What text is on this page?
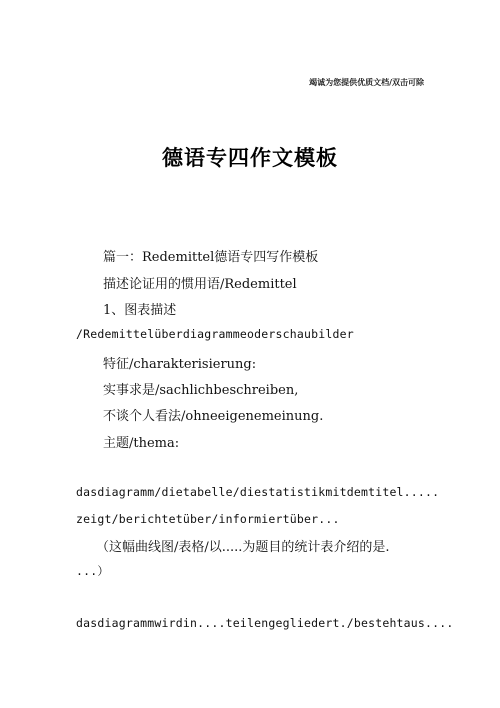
竭诚为您提供优质文档/双击可除
德语专四作文模板
篇一：Redemittel德语专四写作模板
描述论证用的惯用语/Redemittel
1、图表描述
/Redemittelüberdiagrammeoderschaubilder
特征/charakterisierung:
实事求是/sachlichbeschreiben,
不谈个人看法/ohneeigenemeinung.
主题/thema:
dasdiagramm/dietabelle/diestatistikmitdemtitel.....
zeigt/berichtetüber/informiertüber...
（这幅曲线图/表格/以.....为题目的统计表介绍的是.
...）
dasdiagrammwirdin....teilengegliedert./bestehtaus....
